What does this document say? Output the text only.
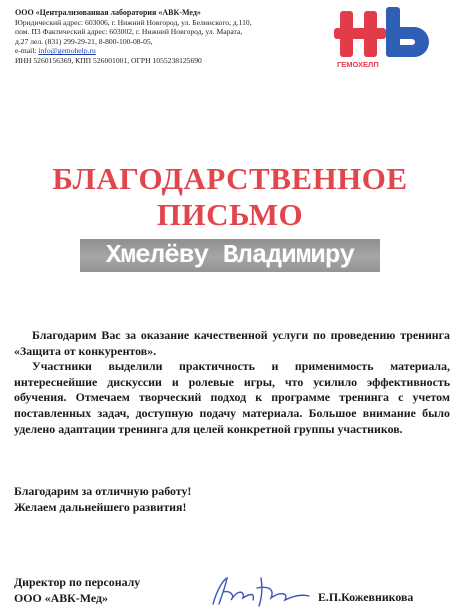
ООО «Централизованная лаборатория «АВК-Мед»
Юридический адрес: 603006, г. Нижний Новгород, ул. Белинского, д.110,
пом. П3 Фактический адрес: 603002, г. Нижний Новгород, ул. Марата,
д.27 лел. (831) 299-29-21, 8-800-100-08-05,
e-mail: info@gemohelp.ru
ИНН 5260156369, КПП 526001001, ОГРН 1055238125690	ГЕМОХЕЛП
БЛАГОДАРСТВЕННОЕ
ПИСЬМО
Хмелёву Владимиру

Благодарим Вас за оказание качественной услуги по проведению тренинга «Защита от конкурентов».

Участники выделили практичность и применимость материала, интереснейшие дискуссии и ролевые игры, что усилило эффективность обучения. Отмечаем творческий подход к программе тренинга с учетом поставленных задач, доступную подачу материала. Большое внимание было уделено адаптации тренинга для целей конкретной группы участников.

Благодарим за отличную работу!
Желаем дальнейшего развития!
Директор по персоналу
ООО «АВК-Мед»	Е.П.Кожевникова
